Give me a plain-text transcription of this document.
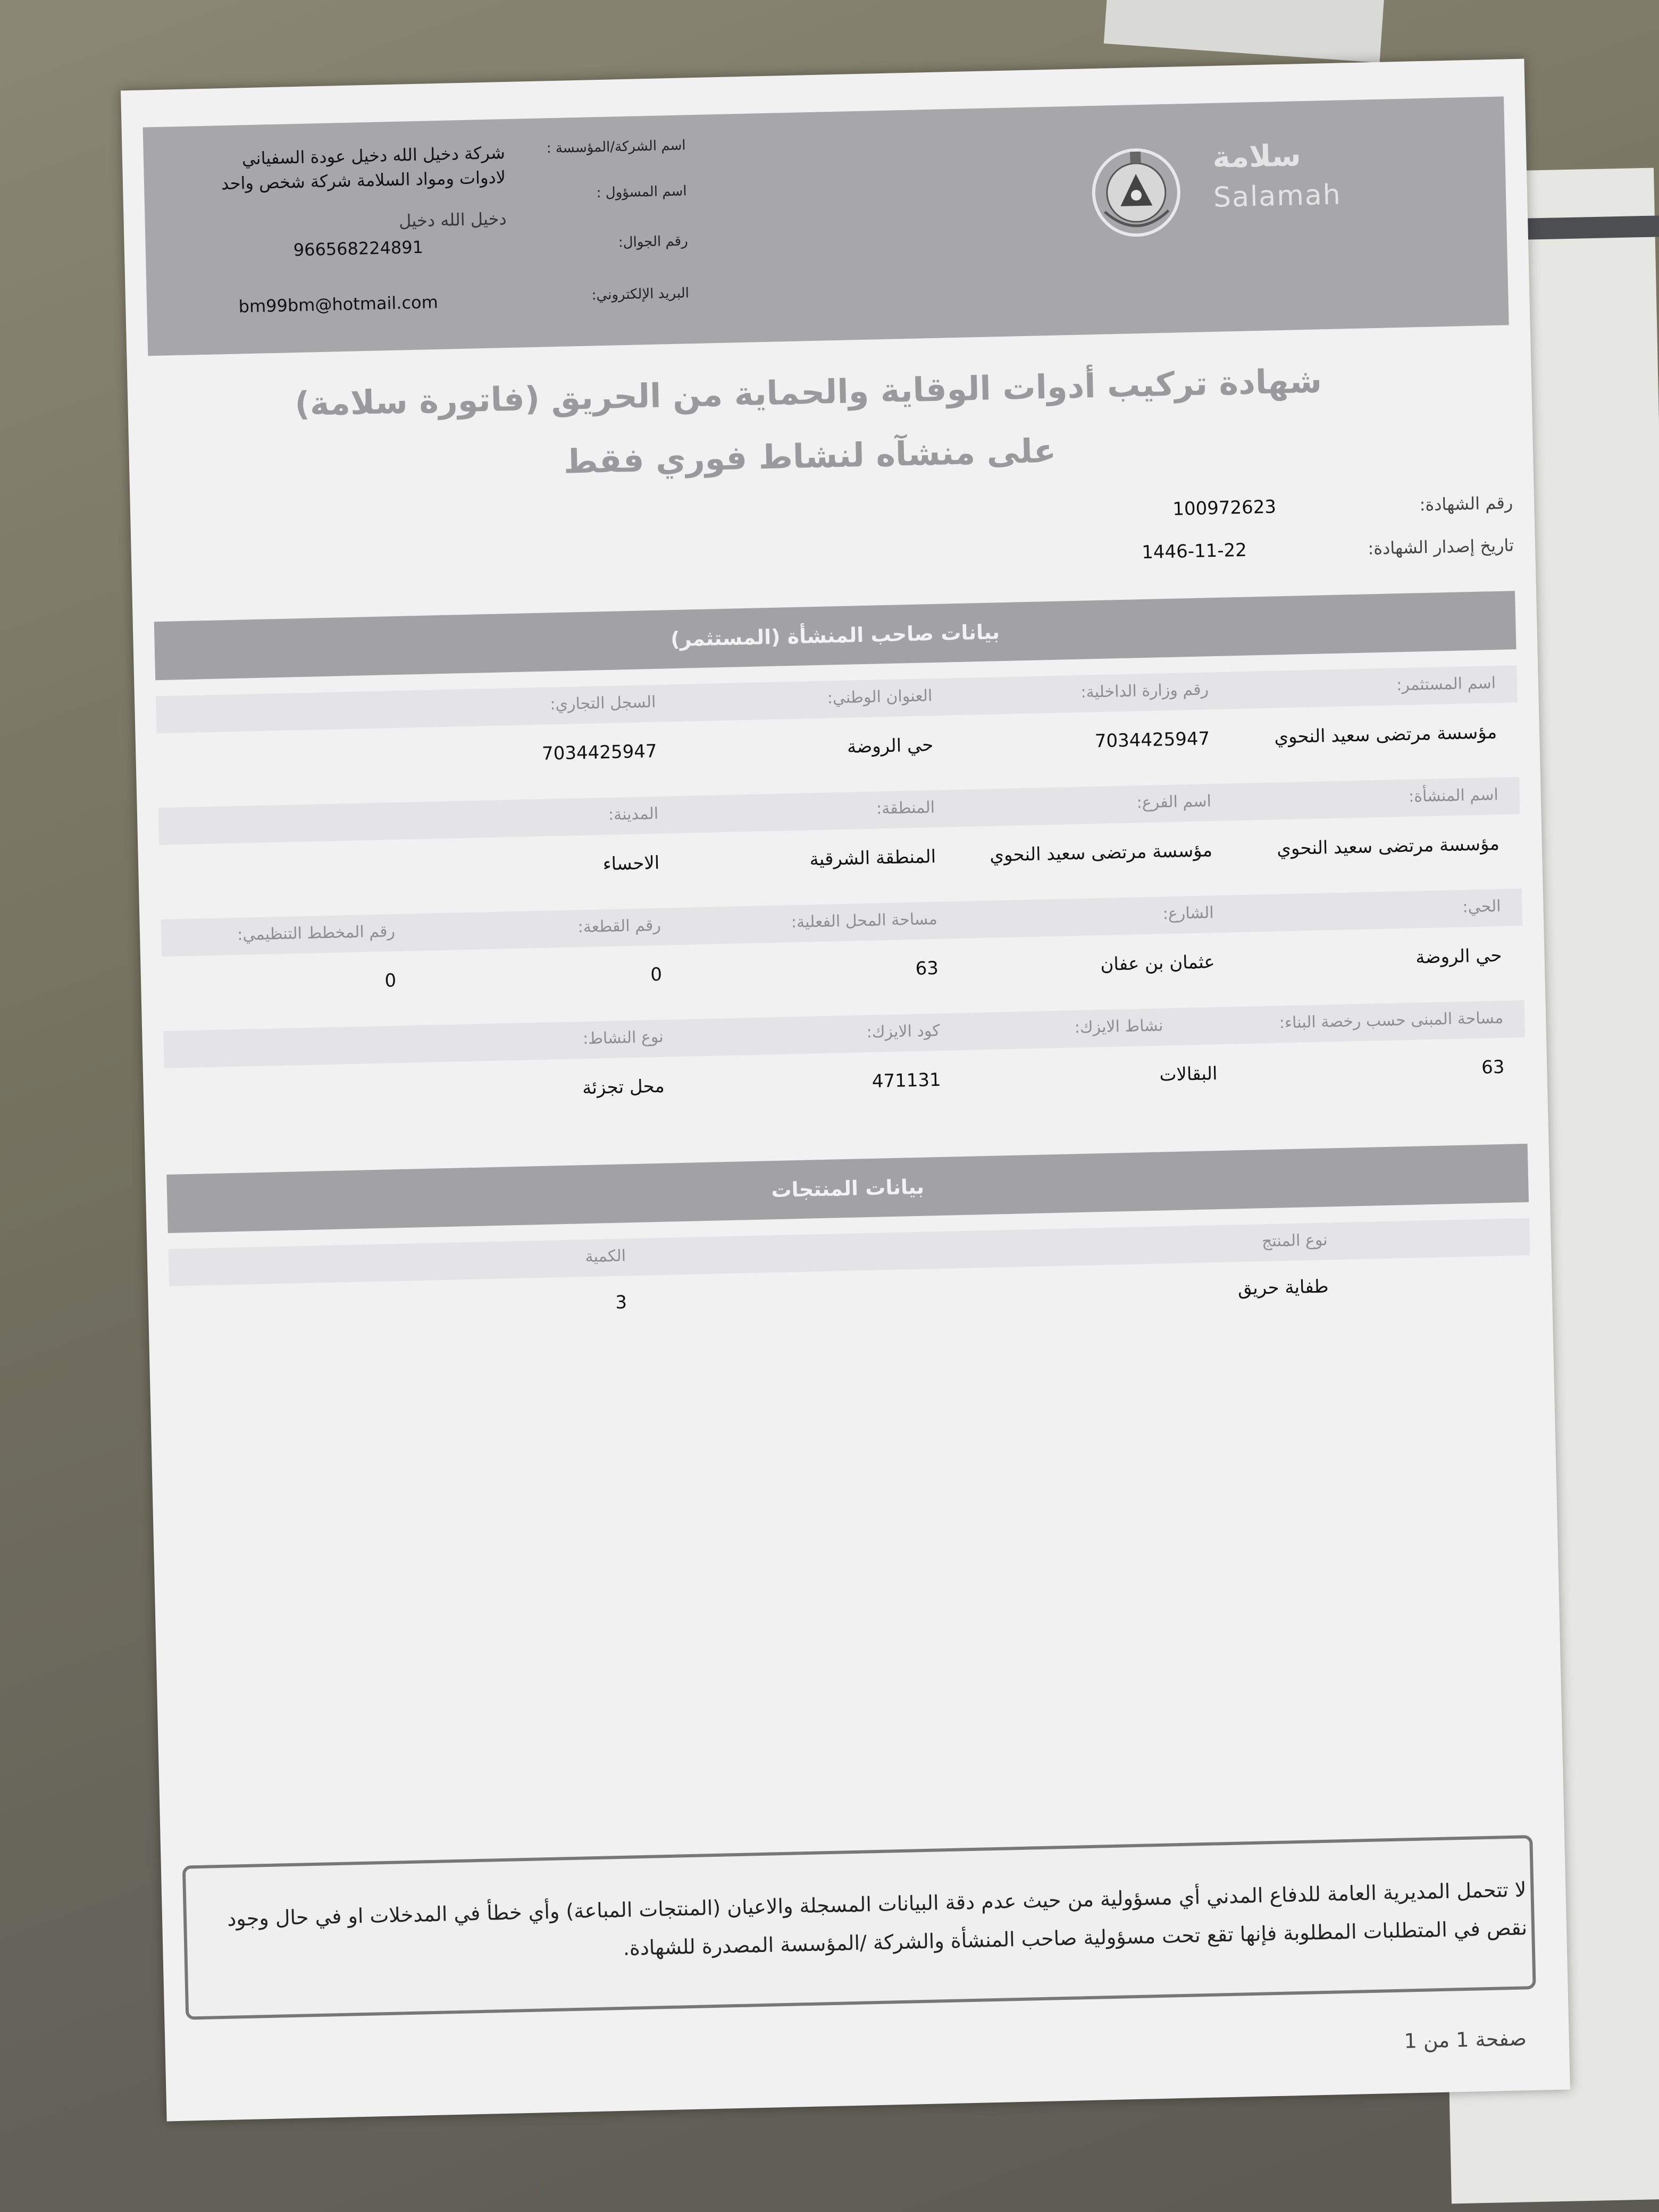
سلامة
Salamah
اسم الشركة/المؤسسة :
شركة دخيل الله دخيل عودة السفياني لادوات ومواد السلامة شركة شخص واحد	اسم المسؤول :
دخيل الله دخيل
رقم الجوال:
966568224891
البريد الإلكتروني:
bm99bm@hotmail.com
شهادة تركيب أدوات الوقاية والحماية من الحريق (فاتورة سلامة)
على منشآه لنشاط فوري فقط
رقم الشهادة:
100972623
تاريخ إصدار الشهادة:
1446-11-22
بيانات صاحب المنشأة (المستثمر)
اسم المستثمر:
رقم وزارة الداخلية:
العنوان الوطني:
السجل التجاري:
مؤسسة مرتضى سعيد النحوي
7034425947
حي الروضة
7034425947
اسم المنشأة:
اسم الفرع:
المنطقة:
المدينة:
مؤسسة مرتضى سعيد النحوي
مؤسسة مرتضى سعيد النحوي
المنطقة الشرقية
الاحساء
الحي:
الشارع:
مساحة المحل الفعلية:
رقم القطعة:
رقم المخطط التنظيمي:
حي الروضة
عثمان بن عفان
63
0
0
مساحة المبنى حسب رخصة البناء:
نشاط الايزك:
كود الايزك:
نوع النشاط:
63
البقالات
471131
محل تجزئة
بيانات المنتجات
نوع المنتج
الكمية
طفاية حريق
3
لا تتحمل المديرية العامة للدفاع المدني أي مسؤولية من حيث عدم دقة البيانات المسجلة والاعيان (المنتجات المباعة) وأي خطأ في المدخلات او في حال وجود نقص في المتطلبات المطلوبة فإنها تقع تحت مسؤولية صاحب المنشأة والشركة /المؤسسة المصدرة للشهادة.
صفحة 1 من 1
